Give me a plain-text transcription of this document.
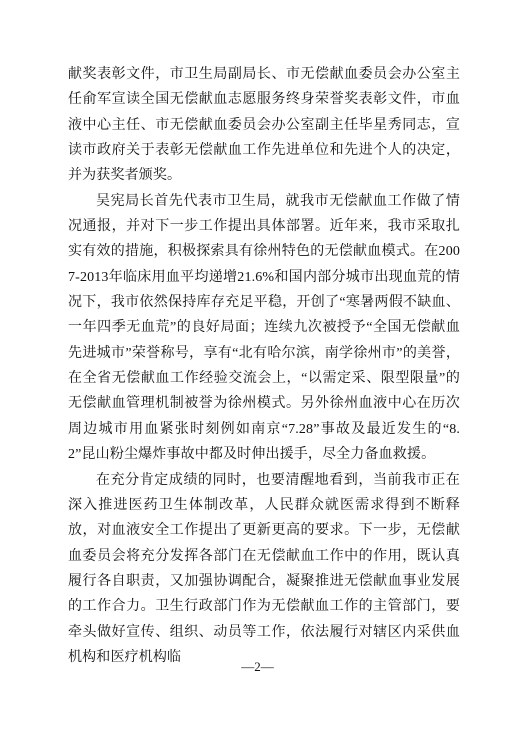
献奖表彰文件，市卫生局副局长、市无偿献血委员会办公室主任俞军宣读全国无偿献血志愿服务终身荣誉奖表彰文件，市血液中心主任、市无偿献血委员会办公室副主任毕星秀同志，宣读市政府关于表彰无偿献血工作先进单位和先进个人的决定，并为获奖者颁奖。

吴宪局长首先代表市卫生局，就我市无偿献血工作做了情况通报，并对下一步工作提出具体部署。近年来，我市采取扎实有效的措施，积极探索具有徐州特色的无偿献血模式。在2007-2013年临床用血平均递增21.6%和国内部分城市出现血荒的情况下，我市依然保持库存充足平稳，开创了“寒暑两假不缺血、一年四季无血荒”的良好局面；连续九次被授予“全国无偿献血先进城市”荣誉称号，享有“北有哈尔滨，南学徐州市”的美誉，在全省无偿献血工作经验交流会上，“以需定采、限型限量”的无偿献血管理机制被誉为徐州模式。另外徐州血液中心在历次周边城市用血紧张时刻例如南京“7.28”事故及最近发生的“8.2”昆山粉尘爆炸事故中都及时伸出援手，尽全力备血救援。

在充分肯定成绩的同时，也要清醒地看到，当前我市正在深入推进医药卫生体制改革，人民群众就医需求得到不断释放，对血液安全工作提出了更新更高的要求。下一步，无偿献血委员会将充分发挥各部门在无偿献血工作中的作用，既认真履行各自职责，又加强协调配合，凝聚推进无偿献血事业发展的工作合力。卫生行政部门作为无偿献血工作的主管部门，要牵头做好宣传、组织、动员等工作，依法履行对辖区内采供血机构和医疗机构临

—2—
